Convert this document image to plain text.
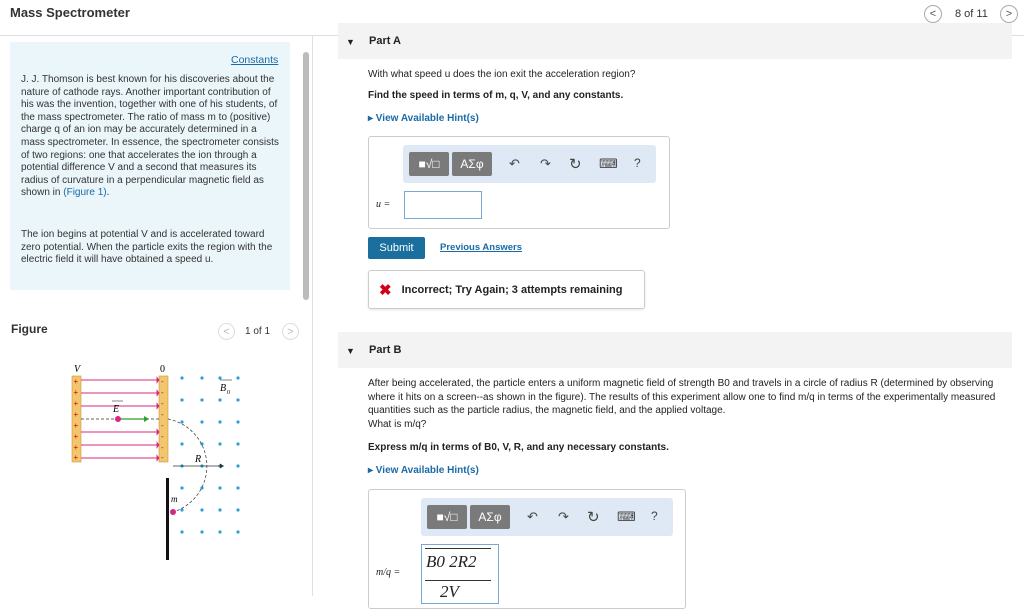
Mass Spectrometer	< 8 of 11 >
Constants
J. J. Thomson is best known for his discoveries about the nature of cathode rays. Another important contribution of his was the invention, together with one of his students, of the mass spectrometer. The ratio of mass m to (positive) charge q of an ion may be accurately determined in a mass spectrometer. In essence, the spectrometer consists of two regions: one that accelerates the ion through a potential difference V and a second that measures its radius of curvature in a perpendicular magnetic field as shown in (Figure 1).
The ion begins at potential V and is accelerated toward zero potential. When the particle exits the region with the electric field it will have obtained a speed u.
Figure	< 1 of 1 >
+
+
+
+
+
+
+
+
-
-
-
-
-
-
-
-
V	0
B 0
E
R
m
▼ Part A
With what speed u does the ion exit the acceleration region?
Find the speed in terms of m, q, V, and any constants.
▸ View Available Hint(s)
■√□	ΑΣφ	↶ ↷ ↻ ⌨ ?
u =
Submit	Previous Answers
✖ Incorrect; Try Again; 3 attempts remaining
▼ Part B
After being accelerated, the particle enters a uniform magnetic field of strength B0 and travels in a circle of radius R (determined by observing where it hits on a screen--as shown in the figure). The results of this experiment allow one to find m/q in terms of the experimentally measured quantities such as the particle radius, the magnetic field, and the applied voltage.
What is m/q?
Express m/q in terms of B0, V, R, and any necessary constants.
▸ View Available Hint(s)
■√□	ΑΣφ	↶ ↷ ↻ ⌨ ?
m/q =
B0 2R2
2V
